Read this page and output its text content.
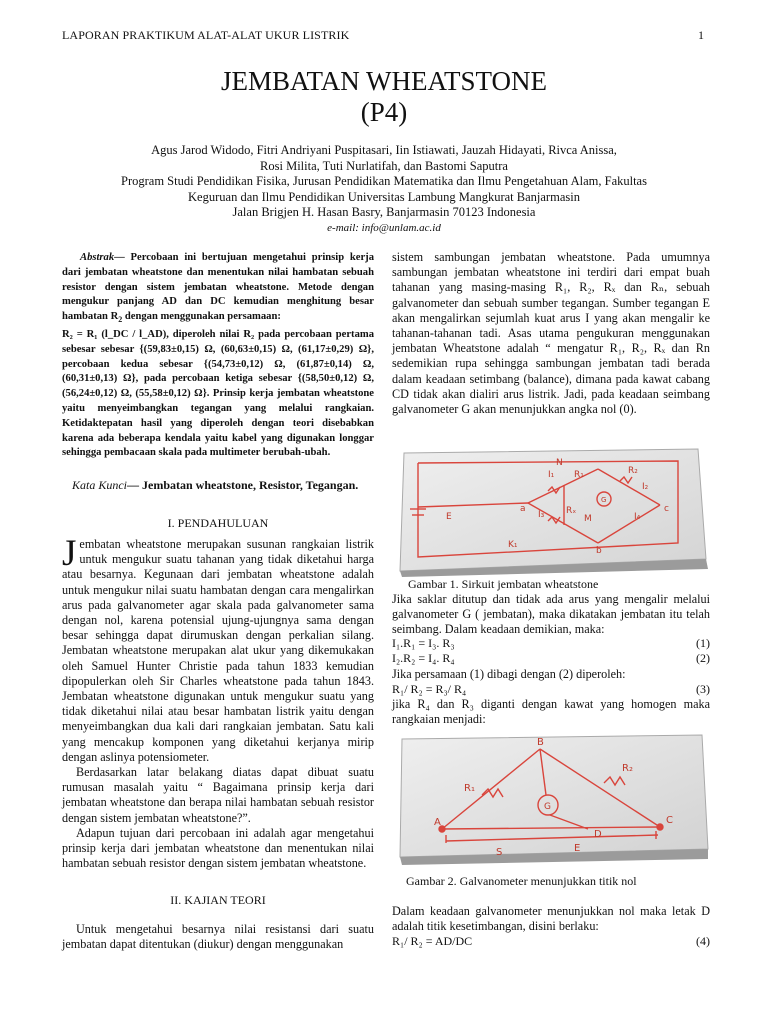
LAPORAN PRAKTIKUM ALAT-ALAT UKUR LISTRIK	1
JEMBATAN WHEATSTONE
(P4)
Agus Jarod Widodo, Fitri Andriyani Puspitasari, Iin Istiawati, Jauzah Hidayati, Rivca Anissa,
Rosi Milita, Tuti Nurlatifah, dan Bastomi Saputra
Program Studi Pendidikan Fisika, Jurusan Pendidikan Matematika dan Ilmu Pengetahuan Alam, Fakultas
Keguruan dan Ilmu Pendidikan Universitas Lambung Mangkurat Banjarmasin
Jalan Brigjen H. Hasan Basry, Banjarmasin 70123 Indonesia
e-mail: info@unlam.ac.id
Abstrak— Percobaan ini bertujuan mengetahui prinsip kerja dari jembatan wheatstone dan menentukan nilai hambatan sebuah resistor dengan sistem jembatan wheatstone. Metode dengan mengukur panjang AD dan DC kemudian menghitung besar hambatan $R_2$ dengan menggunakan persamaan:
R₂ = R₁ (l_DC / l_AD), diperoleh nilai R₂ pada percobaan pertama sebesar sebesar {(59,83±0,15) Ω, (60,63±0,15) Ω, (61,17±0,29) Ω}, percobaan kedua sebesar {(54,73±0,12) Ω, (61,87±0,14) Ω, (60,31±0,13) Ω}, pada percobaan ketiga sebesar {(58,50±0,12) Ω, (56,24±0,12) Ω, (55,58±0,12) Ω}. Prinsip kerja jembatan wheatstone yaitu menyeimbangkan tegangan yang melalui rangkaian. Ketidaktepatan hasil yang diperoleh dengan teori disebabkan karena ada beberapa kendala yaitu kabel yang digunakan longgar sehingga pembacaan skala pada multimeter berubah-ubah.
Kata Kunci— Jembatan wheatstone, Resistor, Tegangan.
I. PENDAHULUAN

Jembatan wheatstone merupakan susunan rangkaian listrik untuk mengukur suatu tahanan yang tidak diketahui harga atau besarnya. Kegunaan dari jembatan wheatstone adalah untuk mengukur nilai suatu hambatan dengan cara mengalirkan arus pada galvanometer agar skala pada galvanometer sama dengan nol, karena potensial ujung-ujungnya sama dengan besar sehingga dapat dirumuskan dengan perkalian silang. Jembatan wheatstone merupakan alat ukur yang dikemukakan oleh Samuel Hunter Christie pada tahun 1833 kemudian dipopulerkan oleh Sir Charles wheatstone pada tahun 1843. Jembatan wheatstone digunakan untuk mengukur suatu yang tidak diketahui nilai atau besar hambatan listrik yaitu dengan menyeimbangkan dua kali dari rangkaian jembatan. Satu kali yang mencakup komponen yang diketahui kerjanya mirip dengan aslinya potensiometer.

Berdasarkan latar belakang diatas dapat dibuat suatu rumusan masalah yaitu “ Bagaimana prinsip kerja dari jembatan wheatstone dan berapa nilai hambatan sebuah resistor dengan sistem jembatan wheatstone?”.

Adapun tujuan dari percobaan ini adalah agar mengetahui prinsip kerja dari jembatan wheatstone dan menentukan nilai hambatan sebuah resistor dengan sistem jembatan wheatstone.

II. KAJIAN TEORI

Untuk mengetahui besarnya nilai resistansi dari suatu jembatan dapat ditentukan (diukur) dengan menggunakan

sistem sambungan jembatan wheatstone. Pada umumnya sambungan jembatan wheatstone ini terdiri dari empat buah tahanan yang masing-masing R₁, R₂, Rₓ dan Rₙ, sebuah galvanometer dan sebuah sumber tegangan. Sumber tegangan E akan mengalirkan sejumlah kuat arus I yang akan mengalir ke tahanan-tahanan tadi. Asas utama pengukuran menggunakan jembatan Wheatstone adalah “ mengatur R₁, R₂, Rₓ dan Rn sedemikian rupa sehingga sambungan jembatan tadi berada dalam keadaan setimbang (balance), dimana pada kawat cabang CD tidak akan dialiri arus listrik. Jadi, pada keadaan seimbang galvanometer G akan menunjukkan angka nol (0).
N
R₁	R₂
I₁
I₂
G
I₃	I₄
Rₓ
M
E
a
b
c
K₁
Gambar 1. Sirkuit jembatan wheatstone
Jika saklar ditutup dan tidak ada arus yang mengalir melalui galvanometer G ( jembatan), maka dikatakan jembatan itu telah seimbang. Dalam keadaan demikian, maka:
I₁.R₁ = I₃. R₃	(1)
I₂.R₂ = I₄. R₄	(2)
Jika persamaan (1) dibagi dengan (2) diperoleh:
R₁/ R₂ = R₃/ R₄	(3)
jika R₄ dan R₃ diganti dengan kawat yang homogen maka rangkaian menjadi:
B
R₁
R₂
G
A
D
C
S	E
Gambar 2. Galvanometer menunjukkan titik nol
Dalam keadaan galvanometer menunjukkan nol maka letak D adalah titik kesetimbangan, disini berlaku:
R₁/ R₂ = AD/DC	(4)
